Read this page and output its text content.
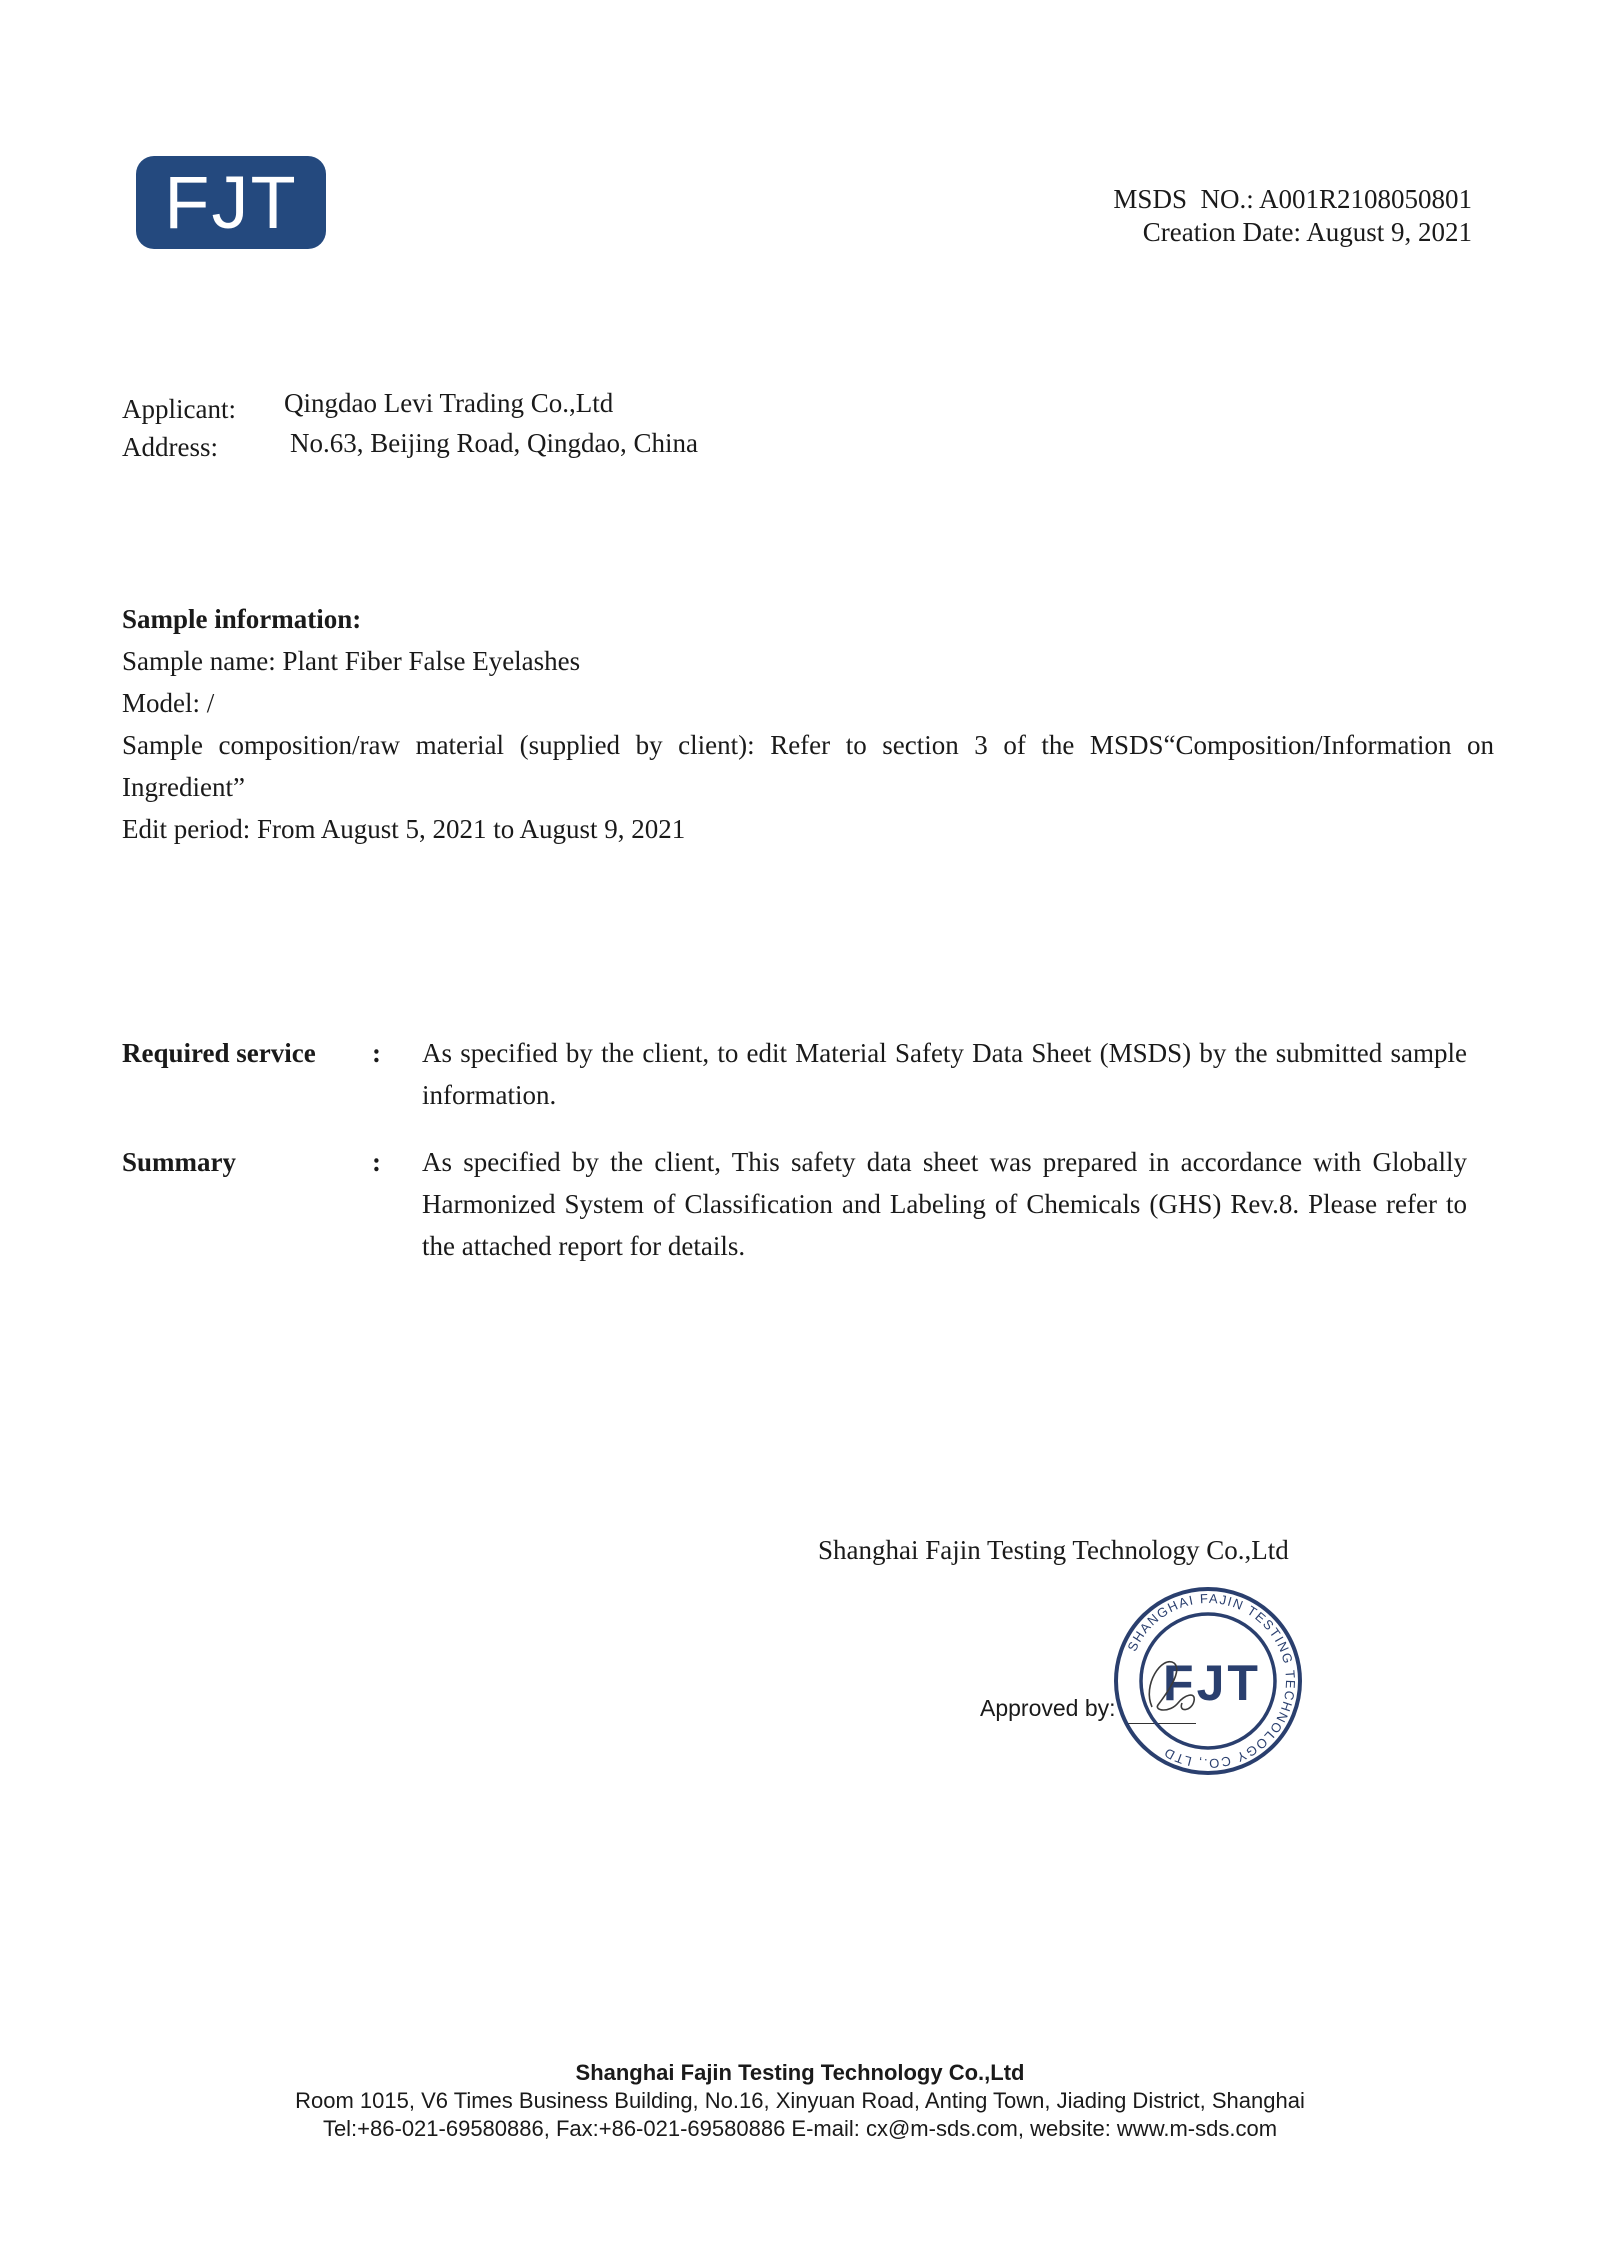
FJT	MSDS  NO.: A001R2108050801
Creation Date: August 9, 2021
Applicant: Qingdao Levi Trading Co.,Ltd
Address:	No.63, Beijing Road, Qingdao, China
Sample information:
Sample name: Plant Fiber False Eyelashes
Model: /
Sample composition/raw material (supplied by client): Refer to section 3 of the MSDS“Composition/Information on Ingredient”
Edit period: From August 5, 2021 to August 9, 2021
Required service : As specified by the client, to edit Material Safety Data Sheet (MSDS) by the submitted sample information.
Summary	: As specified by the client, This safety data sheet was prepared in accordance with Globally Harmonized System of Classification and Labeling of Chemicals (GHS) Rev.8. Please refer to the attached report for details.
Shanghai Fajin Testing Technology Co.,Ltd
Approved by:
SHANGHAI FAJIN TESTING TECHNOLOGY CO., LTD
FJT
Shanghai Fajin Testing Technology Co.,Ltd
Room 1015, V6 Times Business Building, No.16, Xinyuan Road, Anting Town, Jiading District, Shanghai
Tel:+86-021-69580886, Fax:+86-021-69580886 E-mail: cx@m-sds.com, website: www.m-sds.com
